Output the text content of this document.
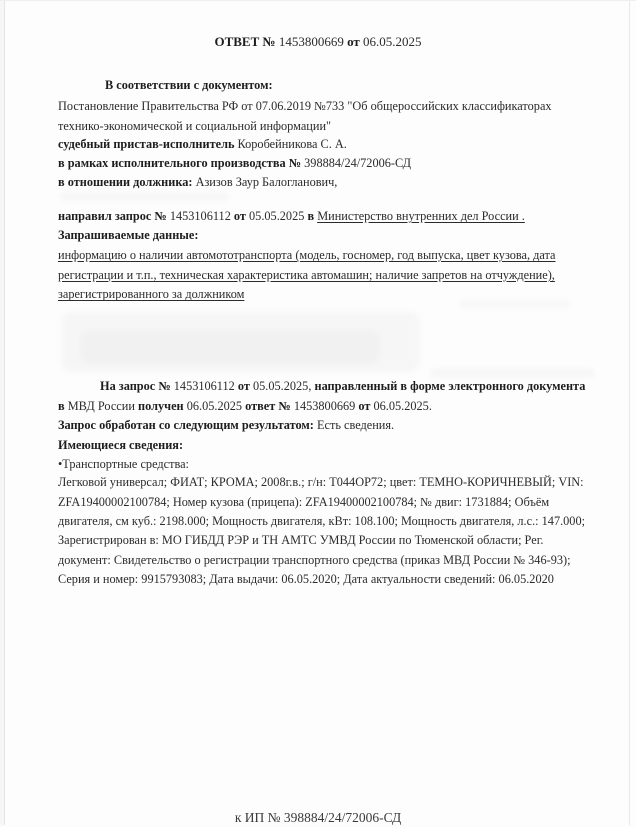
ОТВЕТ № 1453800669 от 06.05.2025
В соответствии с документом:
Постановление Правительства РФ от 07.06.2019 №733 "Об общероссийских классификаторах технико-экономической и социальной информации"
судебный пристав-исполнитель Коробейникова С. А.
в рамках исполнительного производства № 398884/24/72006-СД
в отношении должника: Азизов Заур Балогланович,
направил запрос № 1453106112 от 05.05.2025 в Министерство внутренних дел России .
Запрашиваемые данные:
информацию о наличии автомототранспорта (модель, госномер, год выпуска, цвет кузова, дата регистрации и т.п., техническая характеристика автомашин; наличие запретов на отчуждение), зарегистрированного за должником
На запрос № 1453106112 от 05.05.2025, направленный в форме электронного документа в МВД России получен 06.05.2025 ответ № 1453800669 от 06.05.2025.
Запрос обработан со следующим результатом: Есть сведения.
Имеющиеся сведения:
•Транспортные средства:
Легковой универсал; ФИАТ; КРОМА; 2008г.в.; г/н: Т044ОР72; цвет: ТЕМНО-КОРИЧНЕВЫЙ; VIN: ZFA19400002100784; Номер кузова (прицепа): ZFA19400002100784; № двиг: 1731884; Объём двигателя, см куб.: 2198.000; Мощность двигателя, кВт: 108.100; Мощность двигателя, л.с.: 147.000;
Зарегистрирован в: МО ГИБДД РЭР и ТН АМТС УМВД России по Тюменской области; Рег. документ: Свидетельство о регистрации транспортного средства (приказ МВД России № 346-93); Серия и номер: 9915793083; Дата выдачи: 06.05.2020; Дата актуальности сведений: 06.05.2020
к ИП № 398884/24/72006-СД
